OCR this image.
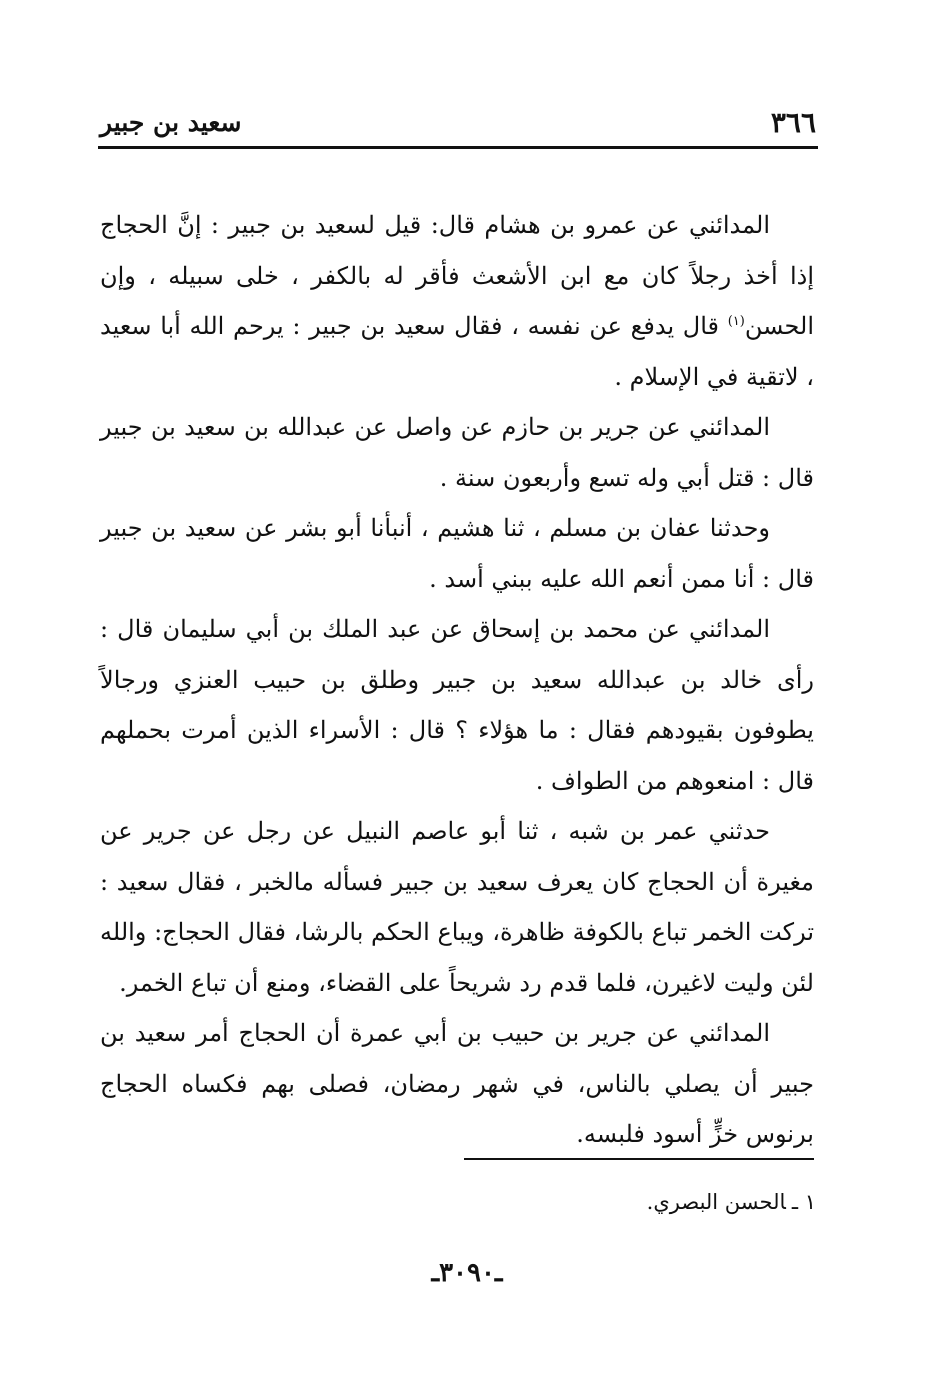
٣٦٦
سعيد بن جبير

المدائني عن عمرو بن هشام قال: قيل لسعيد بن جبير : إنَّ الحجاج إذا أخذ رجلاً كان مع ابن الأشعث فأقر له بالكفر ، خلى سبيله ، وإن الحسن$^{(١)}$ قال يدفع عن نفسه ، فقال سعيد بن جبير : يرحم الله أبا سعيد ، لاتقية في الإسلام .

المدائني عن جرير بن حازم عن واصل عن عبدالله بن سعيد بن جبير قال : قتل أبي وله تسع وأربعون سنة .

وحدثنا عفان بن مسلم ، ثنا هشيم ، أنبأنا أبو بشر عن سعيد بن جبير قال : أنا ممن أنعم الله عليه ببني أسد .

المدائني عن محمد بن إسحاق عن عبد الملك بن أبي سليمان قال : رأى خالد بن عبدالله سعيد بن جبير وطلق بن حبيب العنزي ورجالاً يطوفون بقيودهم فقال : ما هؤلاء ؟ قال : الأسراء الذين أمرت بحملهم قال : امنعوهم من الطواف .

حدثني عمر بن شبه ، ثنا أبو عاصم النبيل عن رجل عن جرير عن مغيرة أن الحجاج كان يعرف سعيد بن جبير فسأله مالخبر ، فقال سعيد : تركت الخمر تباع بالكوفة ظاهرة، ويباع الحكم بالرشا، فقال الحجاج: والله لئن وليت لاغيرن، فلما قدم رد شريحاً على القضاء، ومنع أن تباع الخمر.

المدائني عن جرير بن حبيب بن أبي عمرة أن الحجاج أمر سعيد بن جبير أن يصلي بالناس، في شهر رمضان، فصلى بهم فكساه الحجاج برنوس خزٍّ أسود فلبسه.

١ ـالحسن البصري.
ـ٣٠٩٠ـ
